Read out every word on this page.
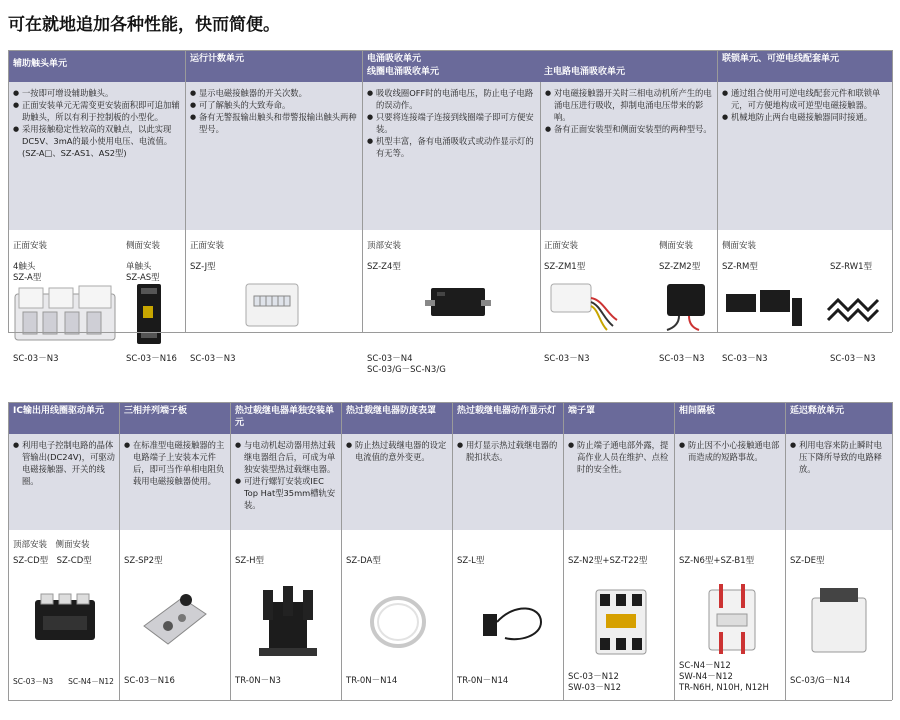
可在就地追加各种性能，快而简便。
辅助触头单元
● 一按即可增设辅助触头。
● 正面安装单元无需变更安装面积即可追加辅助触头，所以有利于控制板的小型化。
● 采用接触稳定性较高的双触点，以此实现DC5V、3mA的最小使用电压、电流值。(SZ-A□、SZ-AS1、AS2型)
正面安装	侧面安装
4触头
SZ-A型
单触头
SZ-AS型
SC-03－N3	SC-03－N16
运行计数单元
● 显示电磁接触器的开关次数。
● 可了解触头的大致寿命。
● 备有无警报输出触头和带警报输出触头两种型号。
正面安装
SZ-J型
SC-03－N3
电涌吸收单元
线圈电涌吸收单元	主电路电涌吸收单元
● 吸收线圈OFF时的电涌电压，防止电子电路的误动作。
● 只要将连接端子连接到线圈端子即可方便安装。
● 机型丰富，备有电涌吸收式或动作显示灯的有无等。
● 对电磁接触器开关时三相电动机所产生的电涌电压进行吸收，抑制电涌电压带来的影响。
● 备有正面安装型和侧面安装型的两种型号。
顶部安装
SZ-Z4型
SC-03－N4
SC-03/G－SC-N3/G
正面安装	侧面安装
SZ-ZM1型	SZ-ZM2型
SC-03－N3	SC-03－N3
联锁单元、可逆电线配套单元
● 通过组合使用可逆电线配套元件和联锁单元，可方便地构成可逆型电磁接触器。
● 机械地防止两台电磁接触器同时接通。
侧面安装
SZ-RM型	SZ-RW1型
SC-03－N3	SC-03－N3
IC输出用线圈驱动单元
● 利用电子控制电路的晶体管输出(DC24V)，可驱动电磁接触器、开关的线圈。
顶部安装　侧面安装
SZ-CD型　SZ-CD型
SC-03－N3　　SC-N4－N12
三相并列端子板
● 在标准型电磁接触器的主电路端子上安装本元件后，即可当作单相电阻负载用电磁接触器使用。
SZ-SP2型
SC-03－N16
热过载继电器单独安装单元
● 与电动机起动器用热过载继电器组合后，可成为单独安装型热过载继电器。
● 可进行螺钉安装或IEC Top Hat型35mm槽轨安装。
SZ-H型
TR-0N－N3
热过载继电器防度表罩
● 防止热过载继电器的设定电流值的意外变更。
SZ-DA型
TR-0N－N14
热过载继电器动作显示灯
● 用灯显示热过载继电器的脱扣状态。
SZ-L型
TR-0N－N14
端子罩
● 防止端子通电部外露，提高作业人员在维护、点检时的安全性。
SZ-N2型+SZ-T22型
SC-03－N12
SW-03－N12
相间隔板
● 防止因不小心接触通电部而造成的短路事故。
SZ-N6型+SZ-B1型
SC-N4－N12
SW-N4－N12
TR-N6H, N10H, N12H
延迟释放单元
● 利用电容来防止瞬时电压下降所导致的电路释放。
SZ-DE型
SC-03/G－N14
